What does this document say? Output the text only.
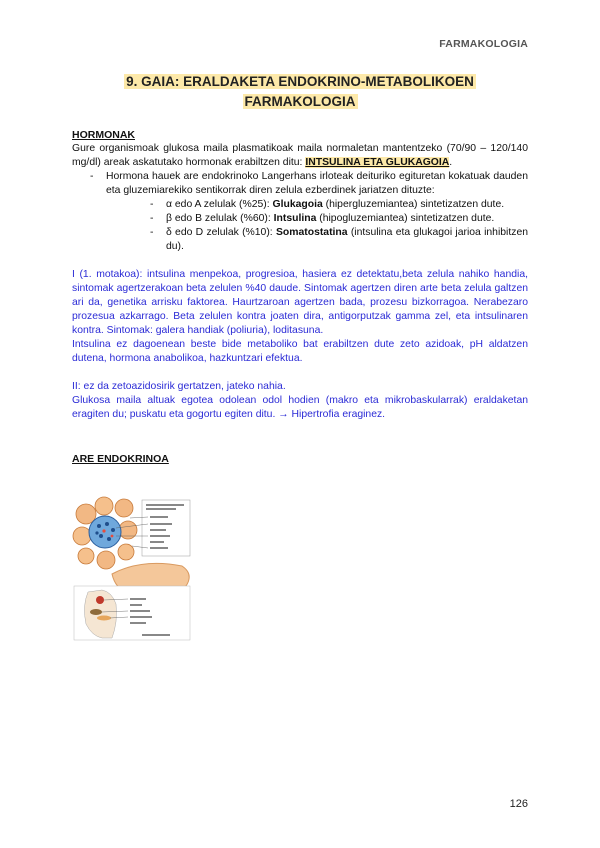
FARMAKOLOGIA
9. GAIA: ERALDAKETA ENDOKRINO-METABOLIKOEN
FARMAKOLOGIA
HORMONAK

Gure organismoak glukosa maila plasmatikoak maila normaletan mantentzeko (70/90 – 120/140 mg/dl) areak askatutako hormonak erabiltzen ditu: INTSULINA ETA GLUKAGOIA.

- Hormona hauek are endokrinoko Langerhans irloteak deituriko egituretan kokatuak dauden eta gluzemiarekiko sentikorrak diren zelula ezberdinek jariatzen dituzte:
- α edo A zelulak (%25): Glukagoia (hipergluzemiantea) sintetizatzen dute.
- β edo B zelulak (%60): Intsulina (hipogluzemiantea) sintetizatzen dute.
- δ edo D zelulak (%10): Somatostatina (intsulina eta glukagoi jarioa inhibitzen du).

I (1. motakoa): intsulina menpekoa, progresioa, hasiera ez detektatu,beta zelula nahiko handia, sintomak agertzerakoan beta zelulen %40 daude. Sintomak agertzen diren arte beta zelula galtzen ari da, genetika arrisku faktorea. Haurtzaroan agertzen bada, prozesu bizkorragoa. Nerabezaro prozesua azkarrago. Beta zelulen kontra joaten dira, antigorputzak gamma zel, eta intsulinaren kontra. Sintomak: galera handiak (poliuria), loditasuna.

Intsulina ez dagoenean beste bide metaboliko bat erabiltzen dute zeto azidoak, pH aldatzen dutena, hormona anabolikoa, hazkuntzari efektua.

II: ez da zetoazidosirik gertatzen, jateko nahia.

Glukosa maila altuak egotea odolean odol hodien (makro eta mikrobaskularrak) eraldaketan eragiten du; puskatu eta gogortu egiten ditu. → Hipertrofia eraginez.

ARE ENDOKRINOA
126
